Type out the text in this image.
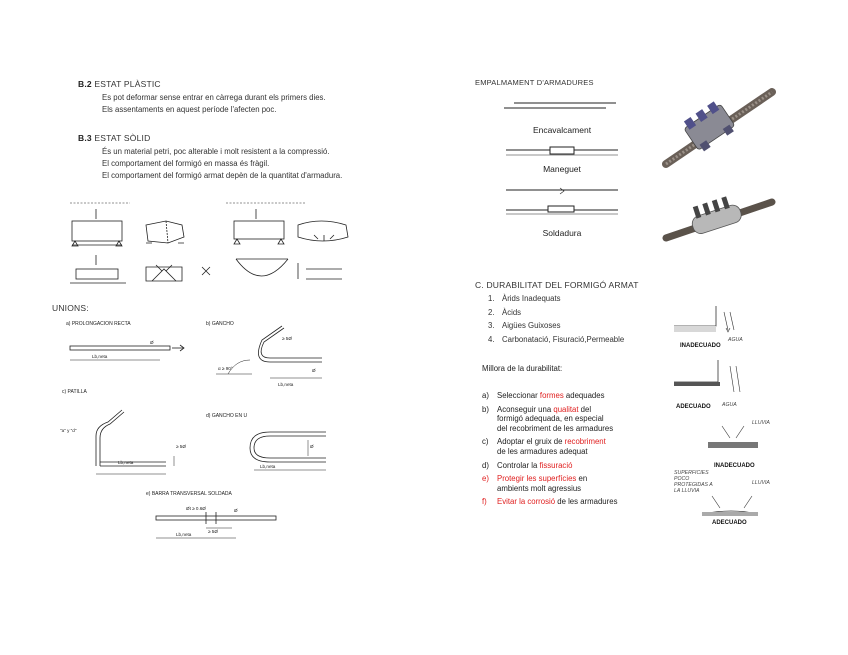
B.2 ESTAT PLÀSTIC
Es pot deformar sense entrar en càrrega durant els primers dies.
Els assentaments en aquest període l'afecten poc.
B.3 ESTAT SÒLID
És un material petri, poc alterable i molt resistent a la compressió.
El comportament del formigó en massa és fràgil.
El comportament del formigó armat depèn de la quantitat d'armadura.
UNIONS:
a) PROLONGACION RECTA	b) GANCHO
c) PATILLA
d) GANCHO EN U
e) BARRA TRANSVERSAL SOLDADA
Lb,neta
Ø
≥ 5Ø
α ≥ 90°
Lb,neta
Ø
"a" y "d"
Lb,neta
≥ 5Ø
Lb,neta
Ø
Øt ≥ 0.6Ø	Ø
≥ 5Ø
Lb,neta
EMPALMAMENT D'ARMADURES
Encavalcament
Maneguet
Soldadura
C. DURABILITAT DEL FORMIGÓ ARMAT
1. Àrids Inadequats
2. Àcids
3. Aigües Guixoses
4. Carbonatació, Fisuració,Permeable
Millora de la durabilitat:
a)	Seleccionar formes adequades
b)	Aconseguir una qualitat del
formigó adequada, en especial
del recobriment de les armadures
c)	Adoptar el gruix de recobriment
de les armadures adequat
d)	Controlar la fissuració
e)	Protegir les superfícies en
ambients molt agressius
f)	Evitar la corrosió de les armadures
INADECUADO
AGUA
ADECUADO AGUA
LLUVIA
INADECUADO
SUPERFICIES POCO PROTEGIDAS A LA LLUVIA
LLUVIA
ADECUADO
